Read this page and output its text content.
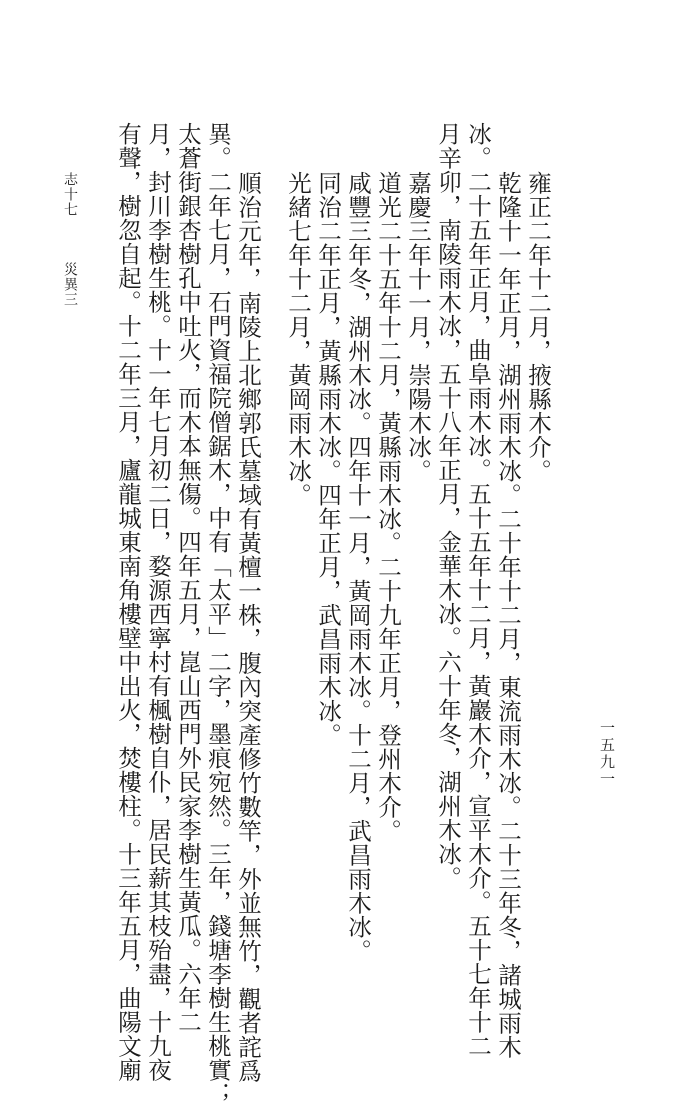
雍正二年十二月，掖縣木介。
乾隆十一年正月，湖州雨木冰。二十年十二月，東流雨木冰。二十三年冬，諸城雨木
冰。二十五年正月，曲阜雨木冰。五十五年十二月，黃巖木介，宣平木介。五十七年十二
月辛卯，南陵雨木冰，五十八年正月，金華木冰。六十年冬，湖州木冰。
嘉慶三年十一月，崇陽木冰。
道光二十五年十二月，黃縣雨木冰。二十九年正月，登州木介。
咸豐三年冬，湖州木冰。四年十一月，黃岡雨木冰。十二月，武昌雨木冰。
同治二年正月，黃縣雨木冰。四年正月，武昌雨木冰。
光緒七年十二月，黃岡雨木冰。
順治元年，南陵上北鄉郭氏墓域有黃檀一株，腹內突產修竹數竿，外並無竹，觀者詫爲
異。二年七月，石門資福院僧鋸木，中有「太平」二字，墨痕宛然。三年，錢塘李樹生桃實；
太蒼街銀杏樹孔中吐火，而木本無傷。四年五月，崑山西門外民家李樹生黃瓜。六年二
月，封川李樹生桃。十一年七月初二日，婺源西寧村有楓樹自仆，居民薪其枝殆盡，十九夜
有聲，樹忽自起。十二年三月，廬龍城東南角樓壁中出火，焚樓柱。十三年五月，曲陽文廟
志十七
災異三
一五九一
